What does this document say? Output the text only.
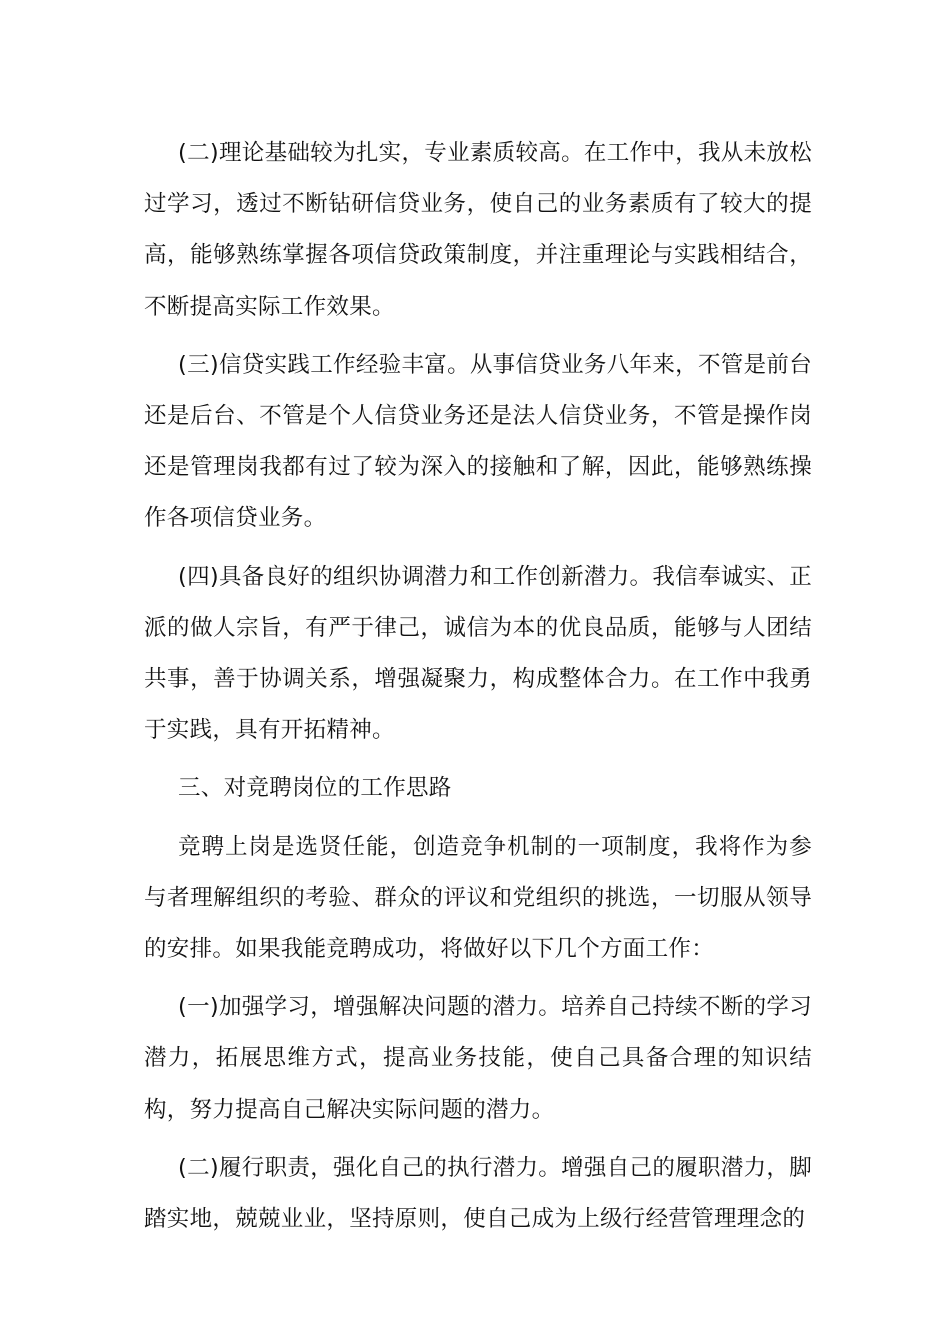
(二)理论基础较为扎实，专业素质较高。在工作中，我从未放松过学习，透过不断钻研信贷业务，使自己的业务素质有了较大的提高，能够熟练掌握各项信贷政策制度，并注重理论与实践相结合，不断提高实际工作效果。

(三)信贷实践工作经验丰富。从事信贷业务八年来，不管是前台还是后台、不管是个人信贷业务还是法人信贷业务，不管是操作岗还是管理岗我都有过了较为深入的接触和了解，因此，能够熟练操作各项信贷业务。

(四)具备良好的组织协调潜力和工作创新潜力。我信奉诚实、正派的做人宗旨，有严于律己，诚信为本的优良品质，能够与人团结共事，善于协调关系，增强凝聚力，构成整体合力。在工作中我勇于实践，具有开拓精神。

三、对竞聘岗位的工作思路

竞聘上岗是选贤任能，创造竞争机制的一项制度，我将作为参与者理解组织的考验、群众的评议和党组织的挑选，一切服从领导的安排。如果我能竞聘成功，将做好以下几个方面工作：

(一)加强学习，增强解决问题的潜力。培养自己持续不断的学习潜力，拓展思维方式，提高业务技能，使自己具备合理的知识结构，努力提高自己解决实际问题的潜力。

(二)履行职责，强化自己的执行潜力。增强自己的履职潜力，脚踏实地，兢兢业业，坚持原则，使自己成为上级行经营管理理念的
